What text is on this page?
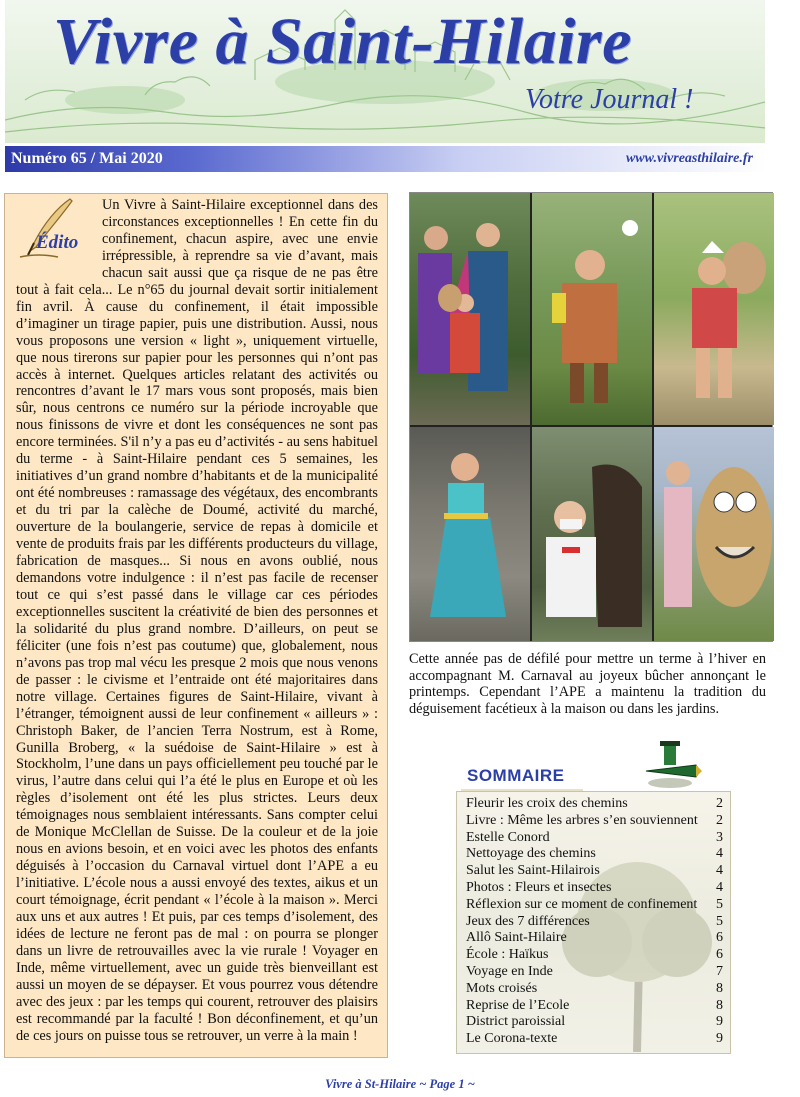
Vivre à Saint-Hilaire
Votre Journal !
Numéro 65 / Mai 2020	www.vivreasthilaire.fr
Édito

Un Vivre à Saint-Hilaire exceptionnel dans des circonstances exceptionnelles ! En cette fin du confinement, chacun aspire, avec une envie irrépressible, à reprendre sa vie d’avant, mais chacun sait aussi que ça risque de ne pas être tout à fait cela... Le n°65 du journal devait sortir initialement fin avril. À cause du confinement, il était impossible d’imaginer un tirage papier, puis une distribution. Aussi, nous vous proposons une version « light », uniquement virtuelle, que nous tirerons sur papier pour les personnes qui n’ont pas accès à internet. Quelques articles relatant des activités ou rencontres d’avant le 17 mars vous sont proposés, mais bien sûr, nous centrons ce numéro sur la période incroyable que nous finissons de vivre et dont les conséquences ne sont pas encore terminées. S'il n’y a pas eu d’activités - au sens habituel du terme - à Saint-Hilaire pendant ces 5 semaines, les initiatives d’un grand nombre d’habitants et de la municipalité ont été nombreuses : ramassage des végétaux, des encombrants et du tri par la calèche de Doumé, activité du marché, ouverture de la boulangerie, service de repas à domicile et vente de produits frais par les différents producteurs du village, fabrication de masques... Si nous en avons oublié, nous demandons votre indulgence : il n’est pas facile de recenser tout ce qui s’est passé dans le village car ces périodes exceptionnelles suscitent la créativité de bien des personnes et la solidarité du plus grand nombre. D’ailleurs, on peut se féliciter (une fois n’est pas coutume) que, globalement, nous n’avons pas trop mal vécu les presque 2 mois que nous venons de passer : le civisme et l’entraide ont été majoritaires dans notre village. Certaines figures de Saint-Hilaire, vivant à l’étranger, témoignent aussi de leur confinement « ailleurs » : Christoph Baker, de l’ancien Terra Nostrum, est à Rome, Gunilla Broberg, « la suédoise de Saint-Hilaire » est à Stockholm, l’une dans un pays officiellement peu touché par le virus, l’autre dans celui qui l’a été le plus en Europe et où les règles d’isolement ont été les plus strictes. Leurs deux témoignages nous semblaient intéressants. Sans compter celui de Monique McClellan de Suisse. De la couleur et de la joie nous en avions besoin, et en voici avec les photos des enfants déguisés à l’occasion du Carnaval virtuel dont l’APE a eu l’initiative. L’école nous a aussi envoyé des textes, aikus et un court témoignage, écrit pendant « l’école à la maison ». Merci aux uns et aux autres ! Et puis, par ces temps d’isolement, des idées de lecture ne feront pas de mal : on pourra se plonger dans un livre de retrouvailles avec la vie rurale ! Voyager en Inde, même virtuellement, avec un guide très bienveillant est aussi un moyen de se dépayser. Et vous pourrez vous détendre avec des jeux : par les temps qui courent, retrouver des plaisirs est recommandé par la faculté ! Bon déconfinement, et qu’un de ces jours on puisse tous se retrouver, un verre à la main !

Cette année pas de défilé pour mettre un terme à l’hiver en accompagnant M. Carnaval au joyeux bûcher annonçant le printemps. Cependant l’APE a maintenu la tradition du déguisement facétieux à la maison ou dans les jardins.
SOMMAIRE
Fleurir les croix des chemins	2
Livre : Même les arbres s’en souviennent 2
Estelle Conord	3
Nettoyage des chemins	4
Salut les Saint-Hilairois	4
Photos : Fleurs et insectes	4
Réflexion sur ce moment de confinement 5
Jeux des 7 différences	5
Allô Saint-Hilaire	6
École : Haïkus	6
Voyage en Inde	7
Mots croisés	8
Reprise de l’Ecole	8
District paroissial	9
Le Corona-texte	9
Vivre à St-Hilaire ~ Page 1 ~
